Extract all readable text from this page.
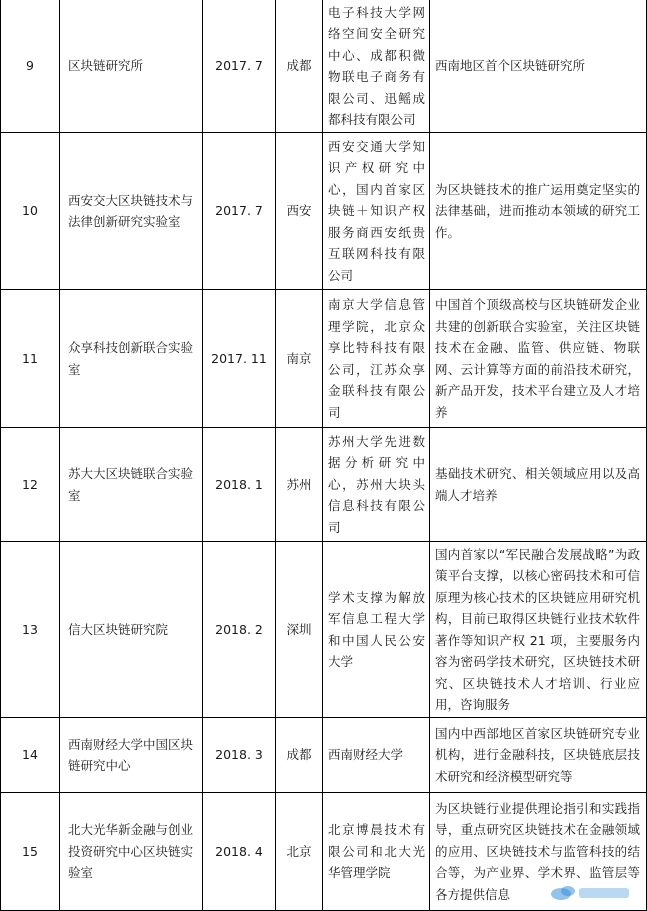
9	区块链研究所	2017. 7	成都	电子科技大学网络空间安全研究中心、成都积微物联电子商务有限公司、迅鳐成都科技有限公司	西南地区首个区块链研究所
10	西安交大区块链技术与法律创新研究实验室	2017. 7	西安	西安交通大学知识产权研究中心，国内首家区块链＋知识产权服务商西安纸贵互联网科技有限公司	为区块链技术的推广运用奠定坚实的法律基础，进而推动本领域的研究工作。
11	众享科技创新联合实验室	2017. 11	南京	南京大学信息管理学院，北京众享比特科技有限公司，江苏众享金联科技有限公司	中国首个顶级高校与区块链研发企业共建的创新联合实验室，关注区块链技术在金融、监管、供应链、物联网、云计算等方面的前沿技术研究，新产品开发，技术平台建立及人才培养
12	苏大大区块链联合实验室	2018. 1	苏州	苏州大学先进数据分析研究中心，苏州大块头信息科技有限公司	基础技术研究、相关领域应用以及高端人才培养
13	信大区块链研究院	2018. 2	深圳	学术支撑为解放军信息工程大学和中国人民公安大学	国内首家以“军民融合发展战略”为政策平台支撑，以核心密码技术和可信原理为核心技术的区块链应用研究机构，目前已取得区块链行业技术软件著作等知识产权 21 项，主要服务内容为密码学技术研究，区块链技术研究、区块链技术人才培训、行业应用，咨询服务
14	西南财经大学中国区块链研究中心	2018. 3	成都	西南财经大学	国内中西部地区首家区块链研究专业机构，进行金融科技，区块链底层技术研究和经济模型研究等
15	北大光华新金融与创业投资研究中心区块链实验室	2018. 4	北京	北京博晨技术有限公司和北大光华管理学院	为区块链行业提供理论指引和实践指导，重点研究区块链技术在金融领域的应用、区块链技术与监管科技的结合等，为产业界、学术界、监管层等各方提供信息
